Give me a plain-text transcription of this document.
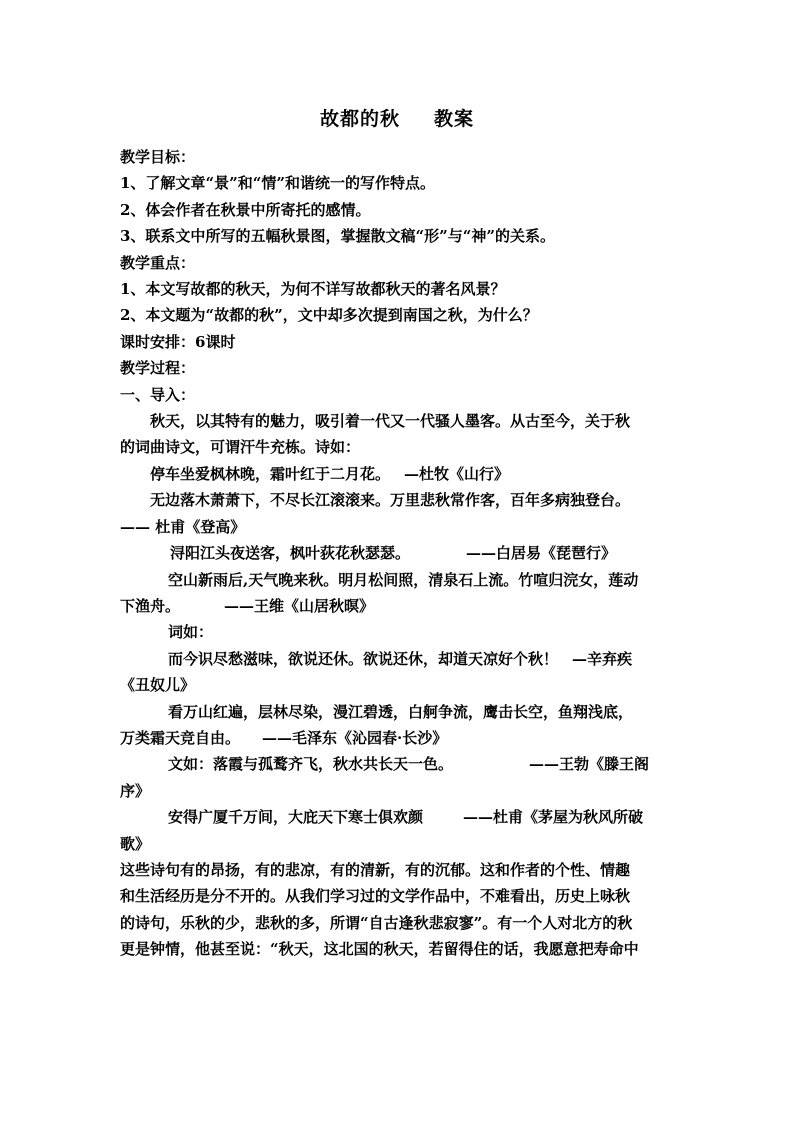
故都的秋 教案

教学目标：

1、了解文章“景”和“情”和谐统一的写作特点。

2、体会作者在秋景中所寄托的感情。

3、联系文中所写的五幅秋景图，掌握散文稿“形”与“神”的关系。

教学重点：

1、本文写故都的秋天，为何不详写故都秋天的著名风景？

2、本文题为“故都的秋”，文中却多次提到南国之秋，为什么？

课时安排：6课时

教学过程：

一、导入：

秋天，以其特有的魅力，吸引着一代又一代骚人墨客。从古至今，关于秋

的词曲诗文，可谓汗牛充栋。诗如：

停车坐爱枫林晚，霜叶红于二月花。 —杜牧《山行》

无边落木萧萧下，不尽长江滚滚来。万里悲秋常作客，百年多病独登台。

—— 杜甫《登高》

浔阳江头夜送客，枫叶荻花秋瑟瑟。	——白居易《琵琶行》

空山新雨后,天气晚来秋。明月松间照，清泉石上流。竹喧归浣女，莲动

下渔舟。	——王维《山居秋暝》

词如：

而今识尽愁滋味，欲说还休。欲说还休，却道天凉好个秋！ —辛弃疾

《丑奴儿》

看万山红遍，层林尽染，漫江碧透，白舸争流，鹰击长空，鱼翔浅底，

万类霜天竞自由。 ——毛泽东《沁园春·长沙》

文如：落霞与孤鹜齐飞，秋水共长天一色。	——王勃《滕王阁

序》

安得广厦千万间，大庇天下寒士俱欢颜	——杜甫《茅屋为秋风所破

歌》

这些诗句有的昂扬，有的悲凉，有的清新，有的沉郁。这和作者的个性、情趣

和生活经历是分不开的。从我们学习过的文学作品中，不难看出，历史上咏秋

的诗句，乐秋的少，悲秋的多，所谓“自古逢秋悲寂寥”。有一个人对北方的秋

更是钟情，他甚至说：“秋天，这北国的秋天，若留得住的话，我愿意把寿命中
